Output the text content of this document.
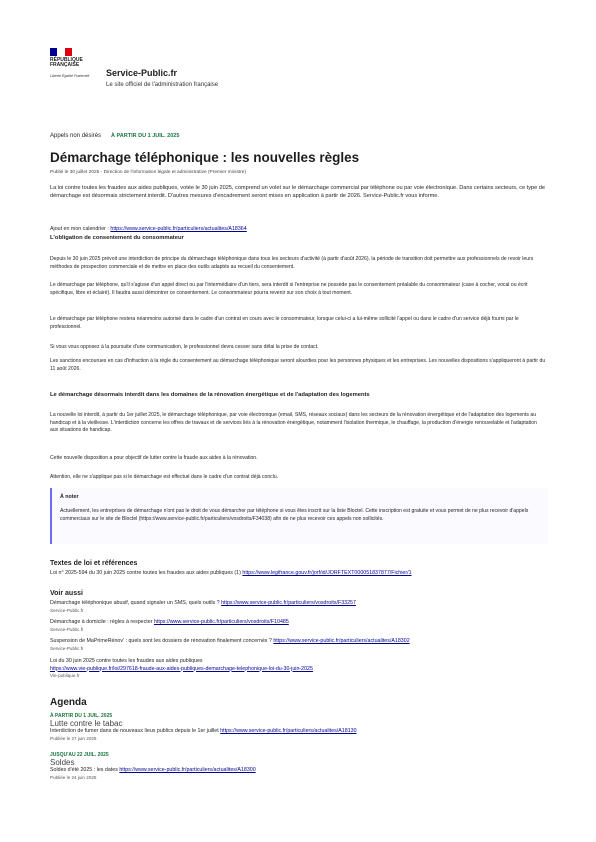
RÉPUBLIQUE FRANÇAISE
Liberté Égalité Fraternité Service-Public.fr
Le site officiel de l'administration française
Appels non désirés À PARTIR DU 1 JUIL. 2025
Démarchage téléphonique : les nouvelles règles
Publié le 30 juillet 2025 - Direction de l'information légale et administrative (Premier ministre)
La loi contre toutes les fraudes aux aides publiques, votée le 30 juin 2025, comprend un volet sur le démarchage commercial par téléphone ou par voie électronique. Dans certains secteurs, ce type de démarchage est désormais strictement interdit. D'autres mesures d'encadrement seront mises en application à partir de 2026. Service-Public.fr vous informe.
Ajout en mon calendrier : https://www.service-public.fr/particuliers/actualites/A18364
L'obligation de consentement du consommateur
Depuis le 30 juin 2025 prévoit une interdiction de principe du démarchage téléphonique dans tous les secteurs d'activité (à partir d'août 2026), la période de transition doit permettre aux professionnels de revoir leurs méthodes de prospection commerciale et de mettre en place des outils adaptés au recueil du consentement.
Le démarchage par téléphone, qu'il s'agisse d'un appel direct ou par l'intermédiaire d'un tiers, sera interdit si l'entreprise ne possède pas le consentement préalable du consommateur (case à cocher, vocal ou écrit spécifique, libre et éclairé). Il faudra aussi démontrer ce consentement. Le consommateur pourra revenir sur son choix à tout moment.
Le démarchage par téléphone restera néanmoins autorisé dans le cadre d'un contrat en cours avec le consommateur, lorsque celui-ci a lui-même sollicité l'appel ou dans le cadre d'un service déjà fourni par le professionnel.
Si vous vous opposez à la poursuite d'une communication, le professionnel devra cesser sans délai la prise de contact.
Les sanctions encourues en cas d'infraction à la règle du consentement au démarchage téléphonique seront alourdies pour les personnes physiques et les entreprises. Les nouvelles dispositions s'appliqueront à partir du 11 août 2026.
Le démarchage désormais interdit dans les domaines de la rénovation énergétique et de l'adaptation des logements
La nouvelle loi interdit, à partir du 1er juillet 2025, le démarchage téléphonique, par voie électronique (email, SMS, réseaux sociaux) dans les secteurs de la rénovation énergétique et de l'adaptation des logements au handicap et à la vieillesse. L'interdiction concerne les offres de travaux et de services liés à la rénovation énergétique, notamment l'isolation thermique, le chauffage, la production d'énergie renouvelable et l'adaptation aux situations de handicap.
Cette nouvelle disposition a pour objectif de lutter contre la fraude aux aides à la rénovation.
Attention, elle ne s'applique pas si le démarchage est effectué dans le cadre d'un contrat déjà conclu.
À noter
Actuellement, les entreprises de démarchage n'ont pas le droit de vous démarcher par téléphone si vous êtes inscrit sur la liste Bloctel. Cette inscription est gratuite et vous permet de ne plus recevoir d'appels commerciaux sur le site de Bloctel (https://www.service-public.fr/particuliers/vosdroits/F34038) afin de ne plus recevoir ces appels non sollicités.
Textes de loi et références
Loi n° 2025-594 du 30 juin 2025 contre toutes les fraudes aux aides publiques (1) https://www.legifrance.gouv.fr/jorf/id/JORFTEXT000051837877/Fichier/1
Voir aussi
Démarchage téléphonique abusif, quand signaler un SMS, quels outils ? https://www.service-public.fr/particuliers/vosdroits/F33257
Service-Public.fr
Démarchage à domicile : règles à respecter https://www.service-public.fr/particuliers/vosdroits/F10485
Service-Public.fr
Suspension de MaPrimeRénov' : quels sont les dossiers de rénovation finalement concernés ? https://www.service-public.fr/particuliers/actualites/A18302
Service-Public.fr
Loi du 30 juin 2025 contre toutes les fraudes aux aides publiques
https://www.vie-publique.fr/loi/297618-fraude-aux-aides-publiques-demarchage-telephonique-loi-du-30-juin-2025
Vie-publique.fr
Agenda
À PARTIR DU 1 JUIL. 2025
Lutte contre le tabac
Interdiction de fumer dans de nouveaux lieux publics depuis le 1er juillet https://www.service-public.fr/particuliers/actualites/A18130
Publiée le 27 juin 2025
JUSQU'AU 22 JUIL. 2025
Soldes
Soldes d'été 2025 : les dates https://www.service-public.fr/particuliers/actualites/A18300
Publiée le 24 juin 2025
